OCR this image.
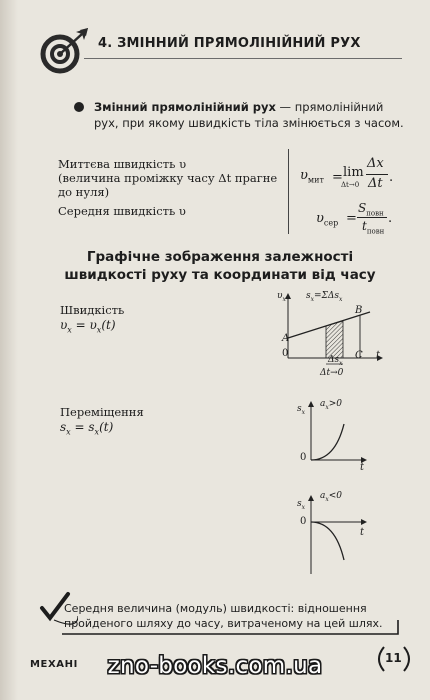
4. ЗМІННИЙ ПРЯМОЛІНІЙНИЙ РУХ
Змінний прямолінійний рух — прямолінійний рух, при якому швидкість тіла змінюється з часом.
Миттєва швидкість υ
(величина проміжку часу Δt прагне до нуля)
Середня швидкість υ
$\upsilon_{мит} = \lim$
Δt→0
Δx
Δt .
$\upsilon_{сер}$ =
$S_{повн}$
$t_{повн}$
.
Графічне зображення залежності швидкості руху та координати від часу
Швидкість
$\upsilon_x = \upsilon_x(t)$
Переміщення
$s_x = s_x(t)$
$\upsilon_x$ $s_x=\Sigma\Delta s_x$
A
B
C
0	t
$\Delta s_x$
Δt→0
$s_x$
$a_x>0$
0
t
$s_x$
$a_x<0$
0
t
Середня величина (модуль) швидкості: відношення пройденого шляху до часу, витраченому на цей шлях.
МЕХАНІ	zno-books.com.ua	11
